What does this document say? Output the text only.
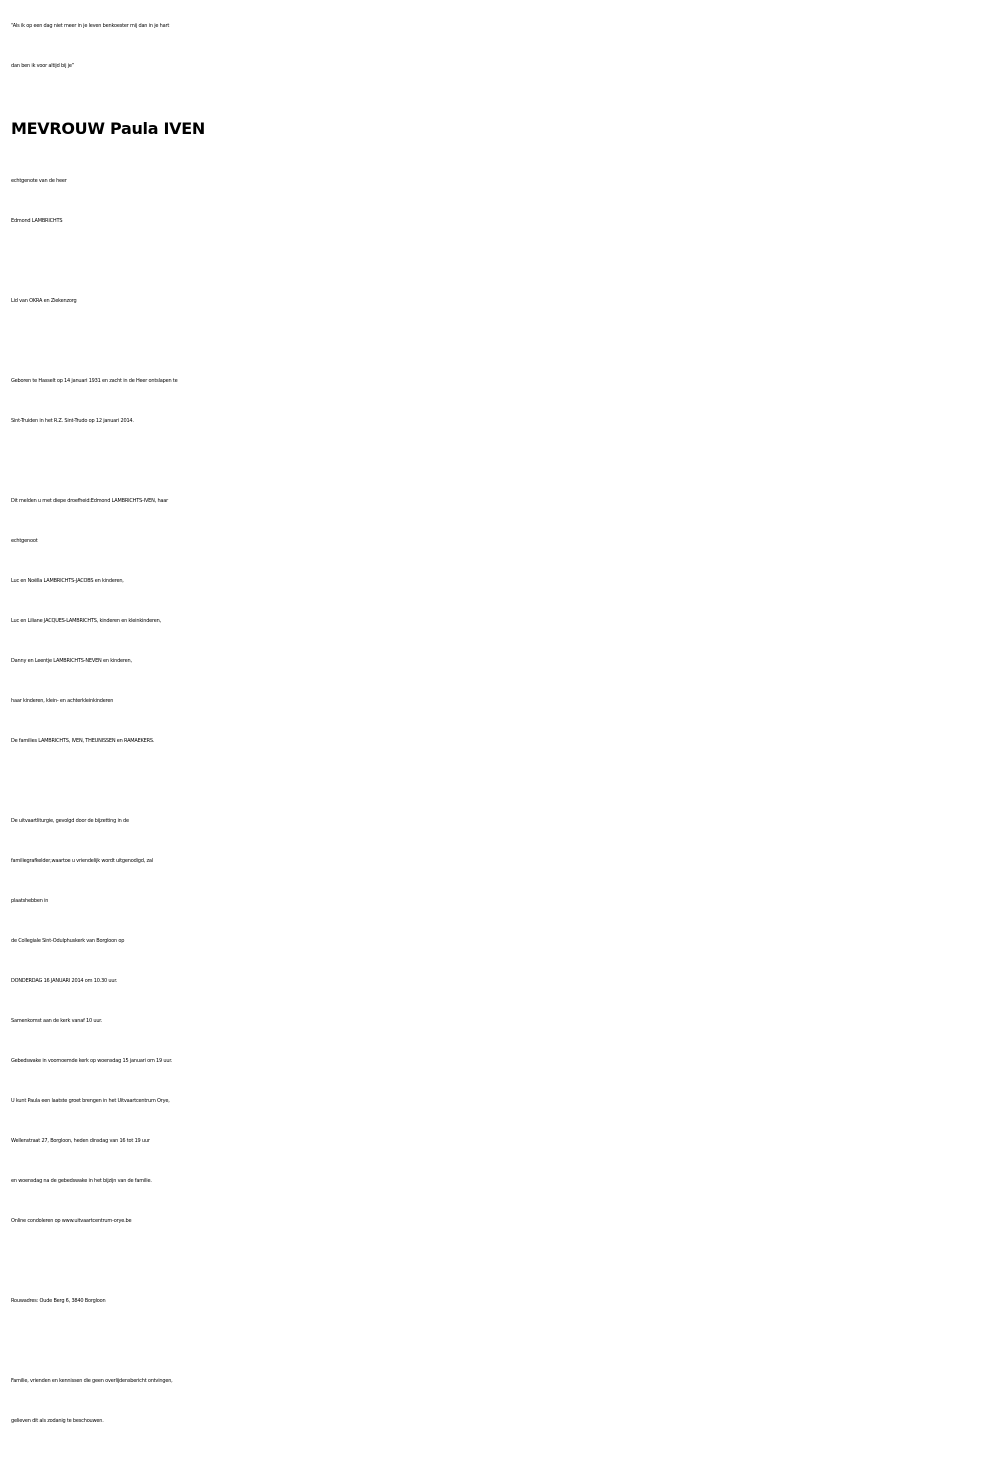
“Als ik op een dag niet meer in je leven benkoester mij dan in je hart
dan ben ik voor altijd bij je”
MEVROUW Paula IVEN
echtgenote van de heer
Edmond LAMBRICHTS
Lid van OKRA en Ziekenzorg
Geboren te Hasselt op 14 januari 1931 en zacht in de Heer ontslapen te
Sint-Truiden in het R.Z. Sint-Trudo op 12 januari 2014.
Dit melden u met diepe droefheid:Edmond LAMBRICHTS-IVEN, haar
echtgenoot
Luc en Noëlla LAMBRICHTS-JACOBS en kinderen,
Luc en Liliane JACQUES-LAMBRICHTS, kinderen en kleinkinderen,
Danny en Leentje LAMBRICHTS-NEVEN en kinderen,
haar kinderen, klein- en achterkleinkinderen
De families LAMBRICHTS, IVEN, THEUNISSEN en RAMAEKERS.
De uitvaartliturgie, gevolgd door de bijzetting in de
familiegrafkelder,waartoe u vriendelijk wordt uitgenodigd, zal
plaatshebben in
de Collegiale Sint-Odulphuskerk van Borgloon op
DONDERDAG 16 JANUARI 2014 om 10.30 uur.
Samenkomst aan de kerk vanaf 10 uur.
Gebedswake in voornoemde kerk op woensdag 15 januari om 19 uur.
U kunt Paula een laatste groet brengen in het Uitvaartcentrum Orye,
Wellenstraat 27, Borgloon, heden dinsdag van 16 tot 19 uur
en woensdag na de gebedswake in het bijzijn van de familie.
Online condoleren op www.uitvaartcentrum-orye.be
Rouwadres: Oude Berg 6, 3840 Borgloon
Familie, vrienden en kennissen die geen overlijdensbericht ontvingen,
gelieven dit als zodanig te beschouwen.
